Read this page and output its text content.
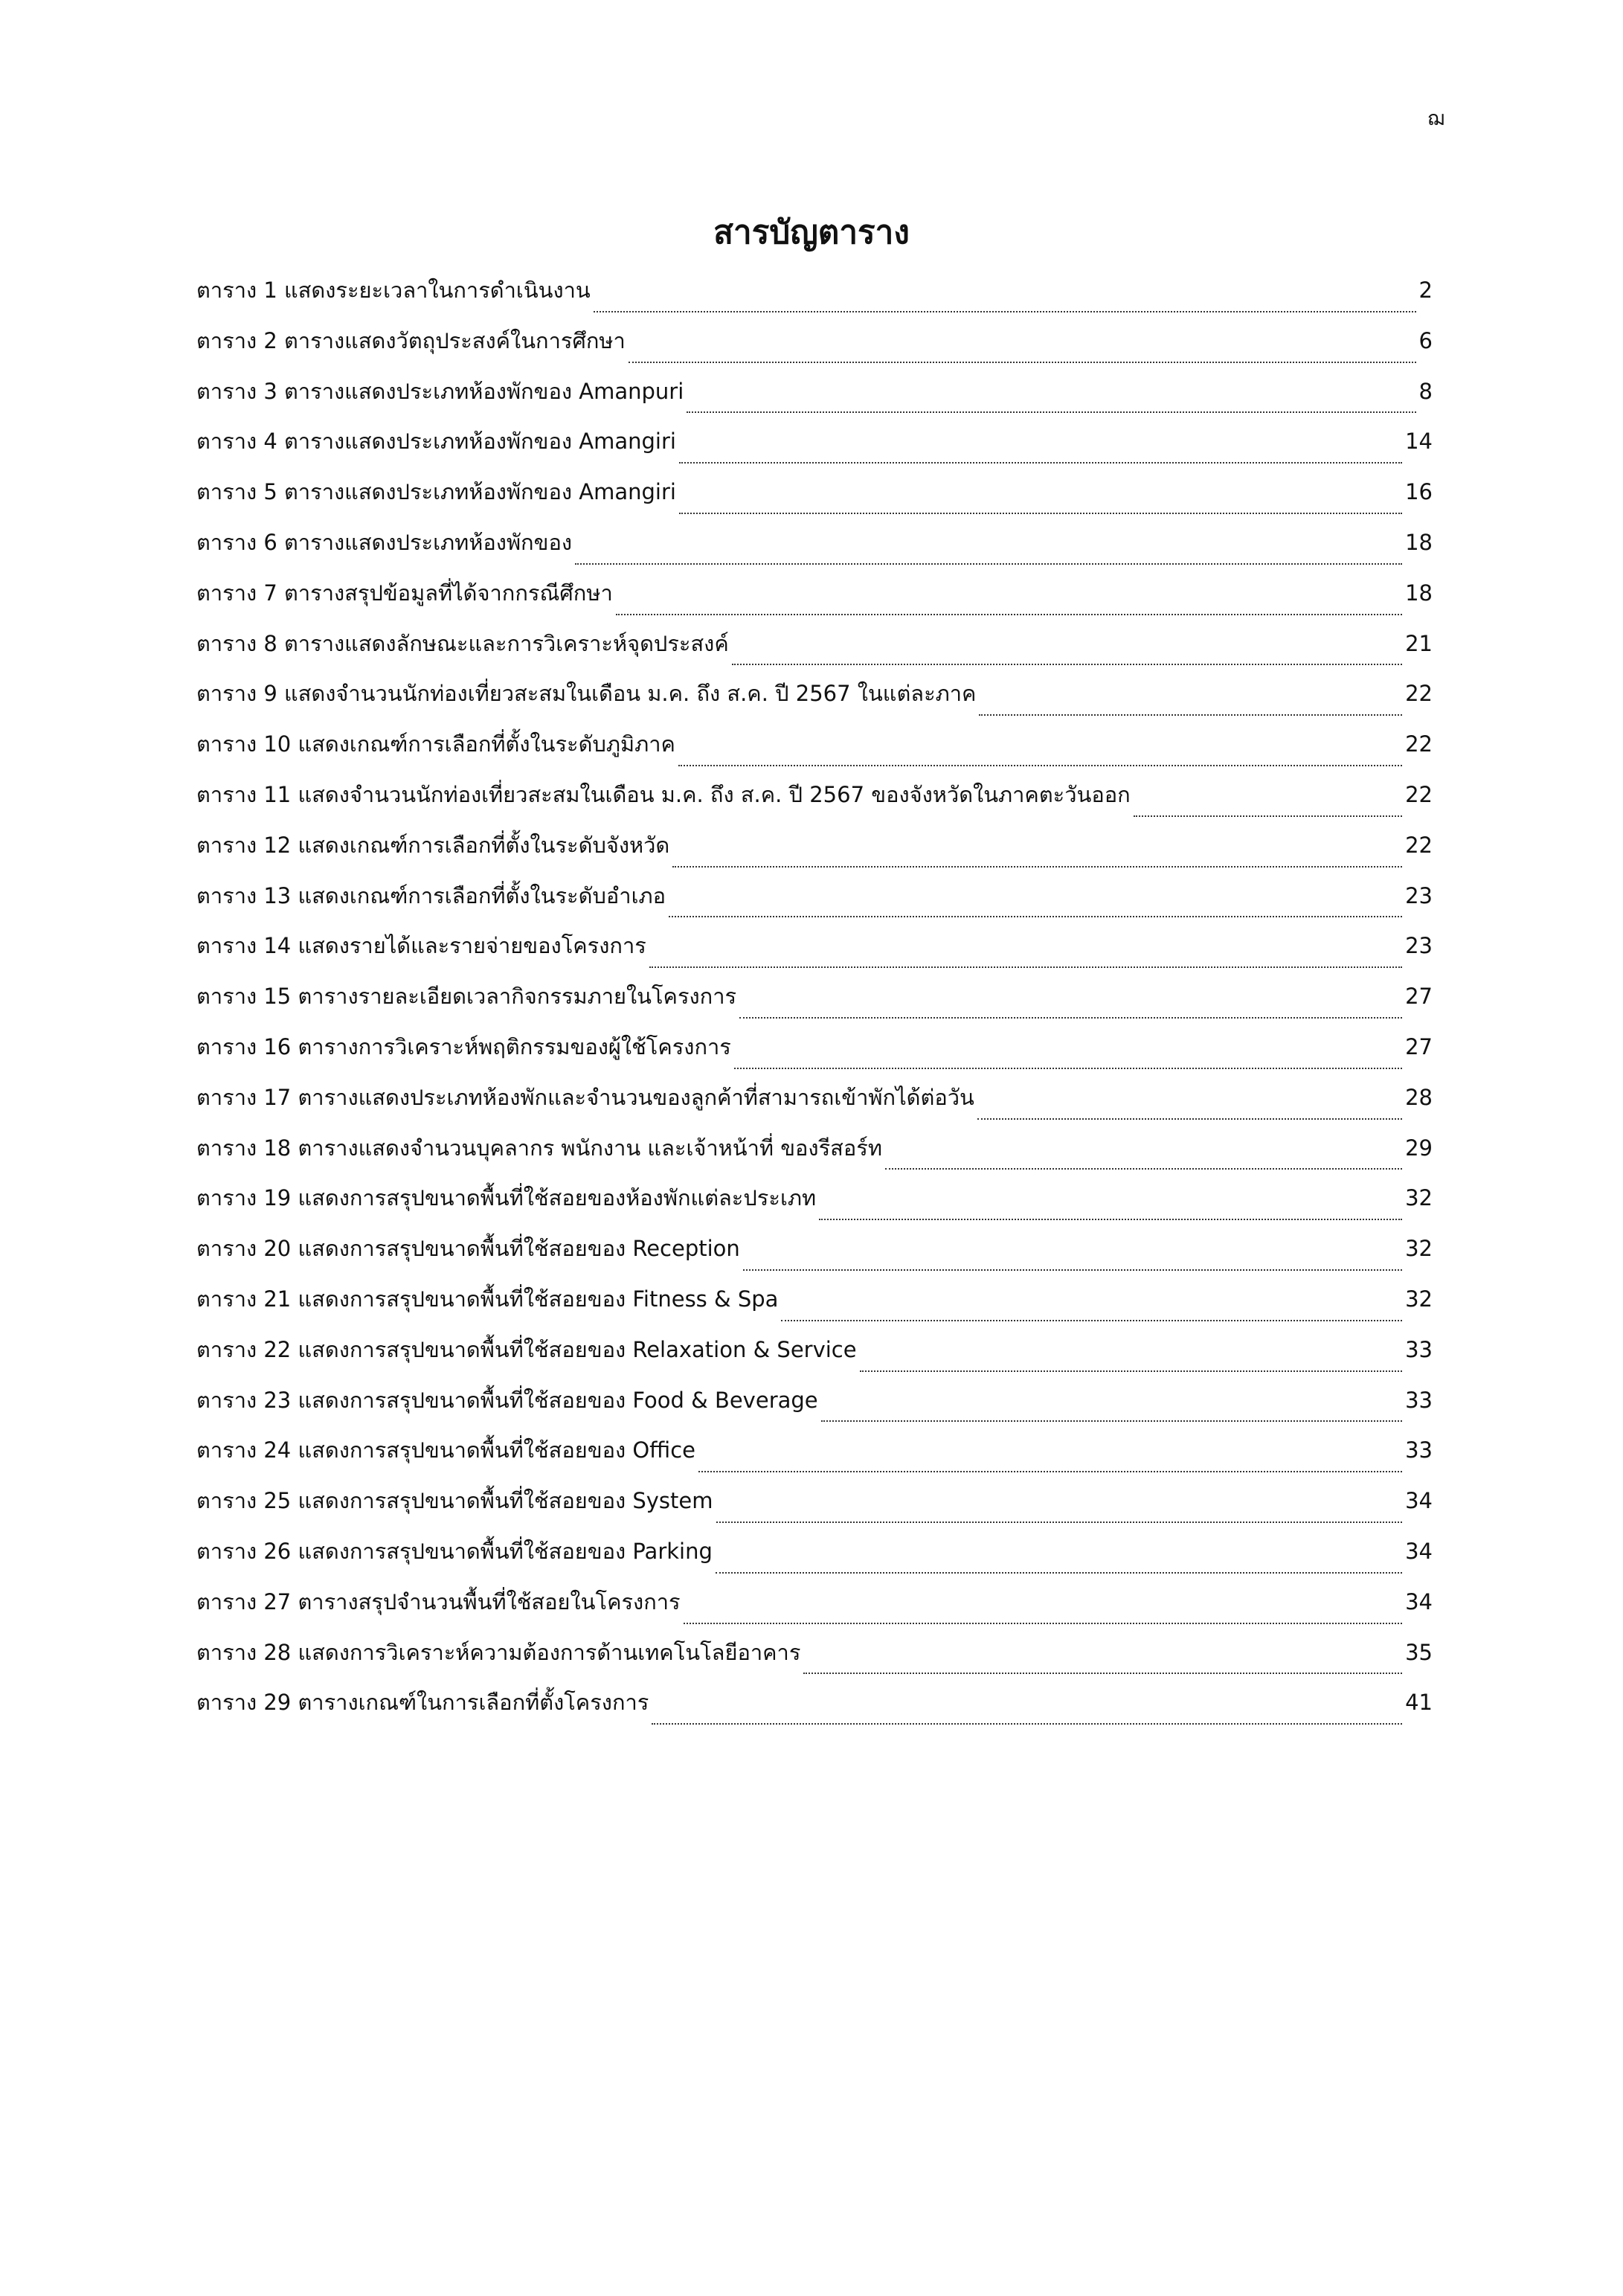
ฌ
สารบัญตาราง
ตาราง 1 แสดงระยะเวลาในการดำเนินงาน	2
ตาราง 2 ตารางแสดงวัตถุประสงค์ในการศึกษา	6
ตาราง 3 ตารางแสดงประเภทห้องพักของ Amanpuri	8
ตาราง 4 ตารางแสดงประเภทห้องพักของ Amangiri	14
ตาราง 5 ตารางแสดงประเภทห้องพักของ Amangiri	16
ตาราง 6 ตารางแสดงประเภทห้องพักของ	18
ตาราง 7 ตารางสรุปข้อมูลที่ได้จากกรณีศึกษา	18
ตาราง 8 ตารางแสดงลักษณะและการวิเคราะห์จุดประสงค์	21
ตาราง 9 แสดงจำนวนนักท่องเที่ยวสะสมในเดือน ม.ค. ถึง ส.ค. ปี 2567 ในแต่ละภาค	22
ตาราง 10 แสดงเกณฑ์การเลือกที่ตั้งในระดับภูมิภาค	22
ตาราง 11 แสดงจำนวนนักท่องเที่ยวสะสมในเดือน ม.ค. ถึง ส.ค. ปี 2567 ของจังหวัดในภาคตะวันออก	22
ตาราง 12 แสดงเกณฑ์การเลือกที่ตั้งในระดับจังหวัด	22
ตาราง 13 แสดงเกณฑ์การเลือกที่ตั้งในระดับอำเภอ	23
ตาราง 14 แสดงรายได้และรายจ่ายของโครงการ	23
ตาราง 15 ตารางรายละเอียดเวลากิจกรรมภายในโครงการ	27
ตาราง 16 ตารางการวิเคราะห์พฤติกรรมของผู้ใช้โครงการ	27
ตาราง 17 ตารางแสดงประเภทห้องพักและจำนวนของลูกค้าที่สามารถเข้าพักได้ต่อวัน	28
ตาราง 18 ตารางแสดงจำนวนบุคลากร พนักงาน และเจ้าหน้าที่ ของรีสอร์ท	29
ตาราง 19 แสดงการสรุปขนาดพื้นที่ใช้สอยของห้องพักแต่ละประเภท	32
ตาราง 20 แสดงการสรุปขนาดพื้นที่ใช้สอยของ Reception	32
ตาราง 21 แสดงการสรุปขนาดพื้นที่ใช้สอยของ Fitness & Spa	32
ตาราง 22 แสดงการสรุปขนาดพื้นที่ใช้สอยของ Relaxation & Service	33
ตาราง 23 แสดงการสรุปขนาดพื้นที่ใช้สอยของ Food & Beverage	33
ตาราง 24 แสดงการสรุปขนาดพื้นที่ใช้สอยของ Office	33
ตาราง 25 แสดงการสรุปขนาดพื้นที่ใช้สอยของ System	34
ตาราง 26 แสดงการสรุปขนาดพื้นที่ใช้สอยของ Parking	34
ตาราง 27 ตารางสรุปจำนวนพื้นที่ใช้สอยในโครงการ	34
ตาราง 28 แสดงการวิเคราะห์ความต้องการด้านเทคโนโลยีอาคาร	35
ตาราง 29 ตารางเกณฑ์ในการเลือกที่ตั้งโครงการ	41
